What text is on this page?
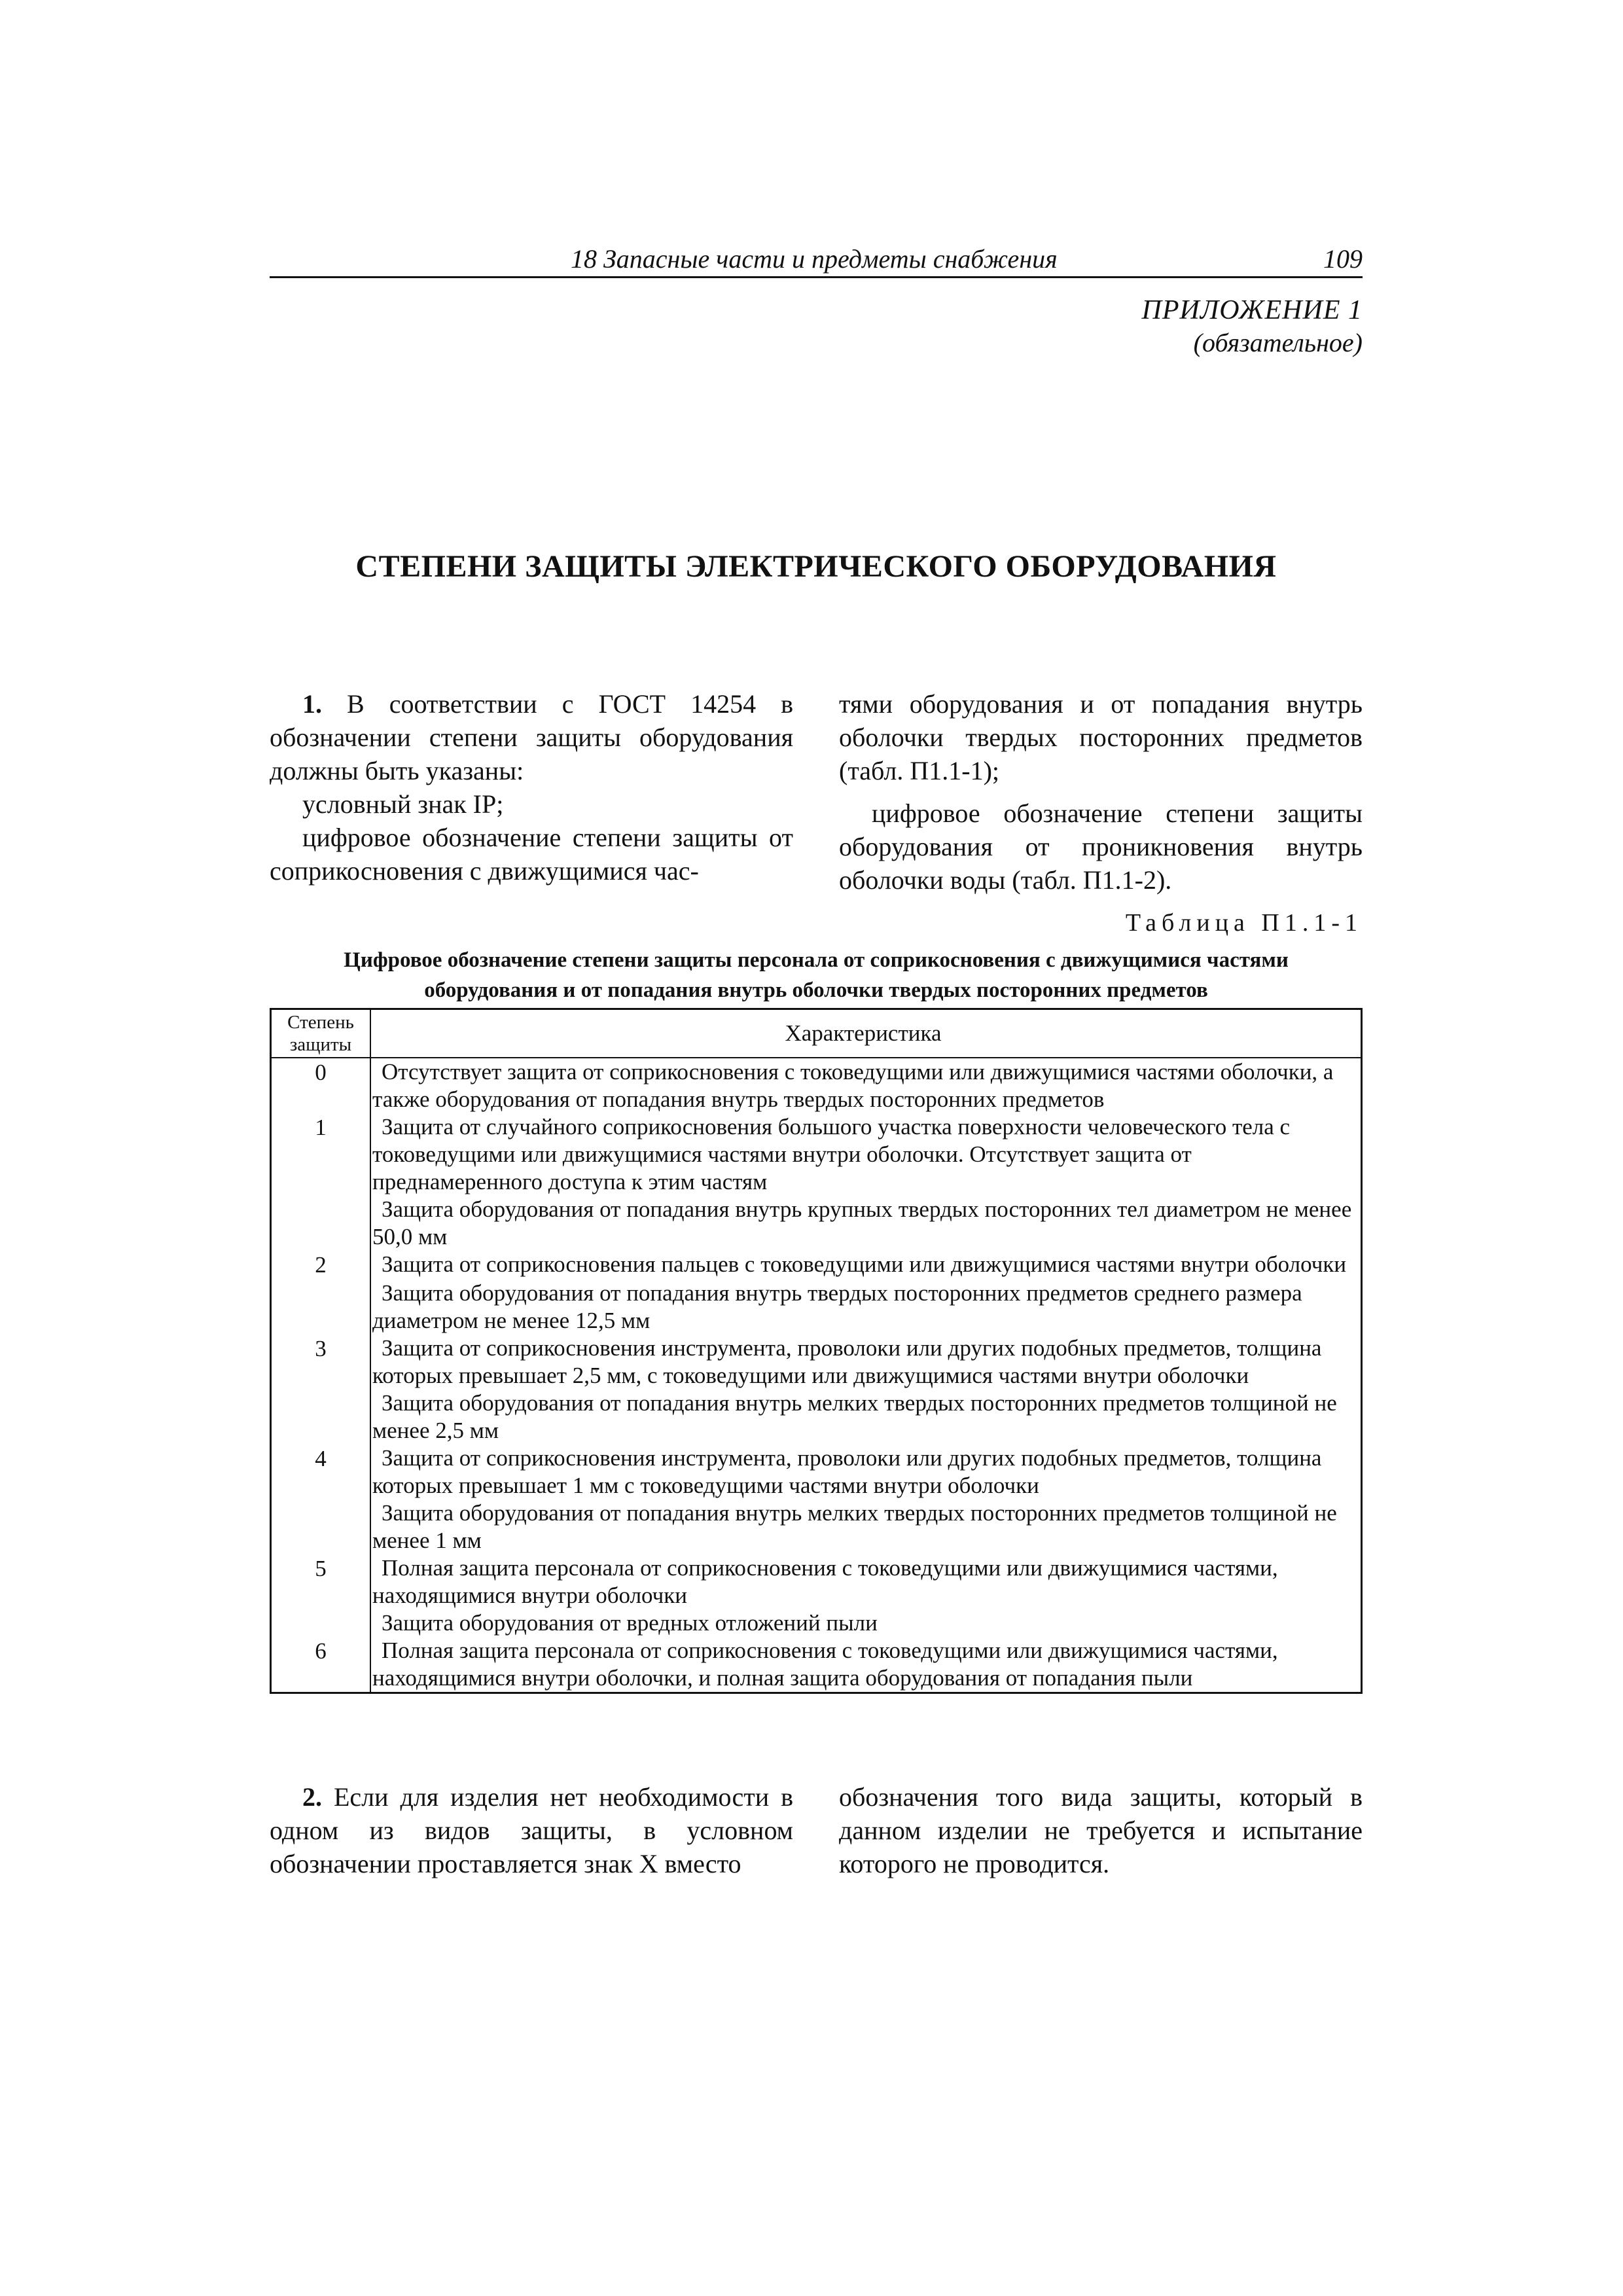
18 Запасные части и предметы снабжения	109
ПРИЛОЖЕНИЕ 1
(обязательное)
СТЕПЕНИ ЗАЩИТЫ ЭЛЕКТРИЧЕСКОГО ОБОРУДОВАНИЯ

1. В соответствии с ГОСТ 14254 в обозначении степени защиты оборудования должны быть указаны:

условный знак IP;

цифровое обозначение степени защиты от соприкосновения с движущимися час-

тями оборудования и от попадания внутрь оболочки твердых посторонних предметов (табл. П1.1-1);

цифровое обозначение степени защиты оборудования от проникновения внутрь оболочки воды (табл. П1.1-2).

Таблица П1.1-1
Цифровое обозначение степени защиты персонала от соприкосновения с движущимися частями
оборудования и от попадания внутрь оболочки твердых посторонних предметов
Степень защиты	Характеристика
0	Отсутствует защита от соприкосновения с токоведущими или движущимися частями оболочки, а также оборудования от попадания внутрь твердых посторонних предметов
1	Защита от случайного соприкосновения большого участка поверхности человеческого тела с токоведущими или движущимися частями внутри оболочки. Отсутствует защита от преднамеренного доступа к этим частям
	Защита оборудования от попадания внутрь крупных твердых посторонних тел диаметром не менее 50,0 мм
2	Защита от соприкосновения пальцев с токоведущими или движущимися частями внутри оболочки
	Защита оборудования от попадания внутрь твердых посторонних предметов среднего размера диаметром не менее 12,5 мм
3	Защита от соприкосновения инструмента, проволоки или других подобных предметов, толщина которых превышает 2,5 мм, с токоведущими или движущимися частями внутри оболочки
	Защита оборудования от попадания внутрь мелких твердых посторонних предметов толщиной не менее 2,5 мм
4	Защита от соприкосновения инструмента, проволоки или других подобных предметов, толщина которых превышает 1 мм с токоведущими частями внутри оболочки
	Защита оборудования от попадания внутрь мелких твердых посторонних предметов толщиной не менее 1 мм
5	Полная защита персонала от соприкосновения с токоведущими или движущимися частями, находящимися внутри оболочки
	Защита оборудования от вредных отложений пыли
6	Полная защита персонала от соприкосновения с токоведущими или движущимися частями, находящимися внутри оболочки, и полная защита оборудования от попадания пыли

2. Если для изделия нет необходимости в одном из видов защиты, в условном обозначении проставляется знак X вместо

обозначения того вида защиты, который в данном изделии не требуется и испытание которого не проводится.
